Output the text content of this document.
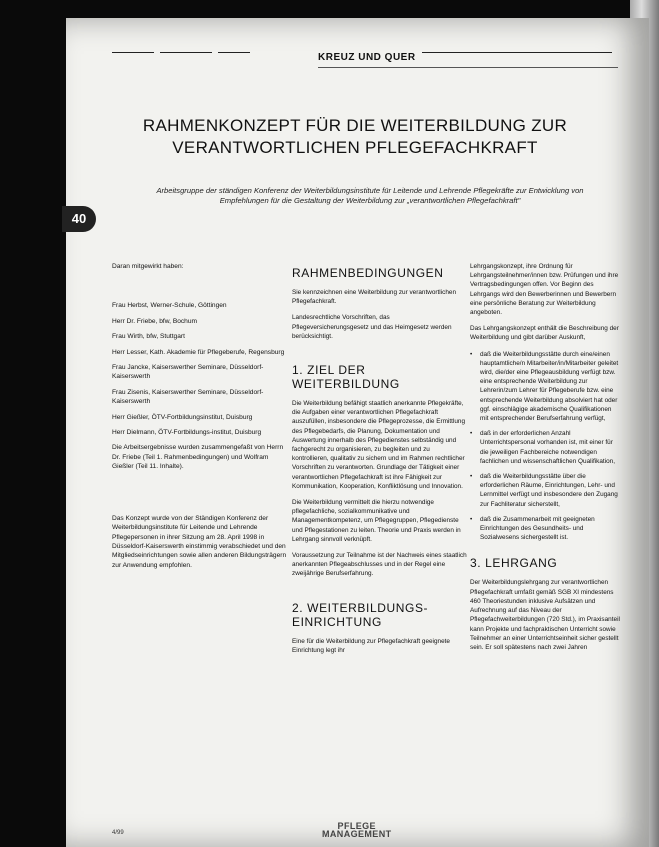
KREUZ UND QUER
RAHMENKONZEPT FÜR DIE WEITERBILDUNG ZUR
VERANTWORTLICHEN PFLEGEFACHKRAFT

Arbeitsgruppe der ständigen Konferenz der Weiterbildungsinstitute für Leitende und Lehrende Pflegekräfte zur Entwicklung von Empfehlungen für die Gestaltung der Weiterbildung zur „verantwortlichen Pflegefachkraft"

40

Daran mitgewirkt haben:

Frau Herbst, Werner-Schule, Göttingen

Herr Dr. Friebe, bfw, Bochum

Frau Wirth, bfw, Stuttgart

Herr Lesser, Kath. Akademie für Pflegeberufe, Regensburg

Frau Jancke, Kaiserswerther Seminare, Düsseldorf-Kaiserswerth

Frau Zisenis, Kaiserswerther Seminare, Düsseldorf-Kaiserswerth

Herr Gießler, ÖTV-Fortbildungsinstitut, Duisburg

Herr Dielmann, ÖTV-Fortbildungs-institut, Duisburg

Die Arbeitsergebnisse wurden zusammengefaßt von Herrn Dr. Friebe (Teil 1. Rahmenbedingungen) und Wolfram Gießler (Teil 11. Inhalte).

Das Konzept wurde von der Ständigen Konferenz der Weiterbildungsinstitute für Leitende und Lehrende Pflegepersonen in ihrer Sitzung am 28. April 1998 in Düsseldorf-Kaiserswerth einstimmig verabschiedet und den Mitgliedseinrichtungen sowie allen anderen Bildungsträgern zur Anwendung empfohlen.

RAHMENBEDINGUNGEN

Sie kennzeichnen eine Weiterbildung zur verantwortlichen Pflegefachkraft.

Landesrechtliche Vorschriften, das Pflegeversicherungsgesetz und das Heimgesetz werden berücksichtigt.

1. ZIEL DER WEITERBILDUNG

Die Weiterbildung befähigt staatlich anerkannte Pflegekräfte, die Aufgaben einer verantwortlichen Pflegefachkraft auszufüllen, insbesondere die Pflegeprozesse, die Ermittlung des Pflegebedarfs, die Planung, Dokumentation und Auswertung innerhalb des Pflegedienstes selbständig und fachgerecht zu organisieren, zu begleiten und zu kontrollieren, qualitativ zu sichern und im Rahmen rechtlicher Vorschriften zu verantworten. Grundlage der Tätigkeit einer verantwortlichen Pflegefachkraft ist ihre Fähigkeit zur Kommunikation, Kooperation, Konfliktlösung und Innovation.

Die Weiterbildung vermittelt die hierzu notwendige pflegefachliche, sozialkommunikative und Managementkompetenz, um Pflegegruppen, Pflegedienste und Pflegestationen zu leiten. Theorie und Praxis werden in Lehrgang sinnvoll verknüpft.

Voraussetzung zur Teilnahme ist der Nachweis eines staatlich anerkannten Pflegeabschlusses und in der Regel eine zweijährige Berufserfahrung.

2. WEITERBILDUNGS-EINRICHTUNG

Eine für die Weiterbildung zur Pflegefachkraft geeignete Einrichtung legt ihr

Lehrgangskonzept, ihre Ordnung für Lehrgangsteilnehmer/innen bzw. Prüfungen und ihre Vertragsbedingungen offen. Vor Beginn des Lehrgangs wird den Bewerberinnen und Bewerbern eine persönliche Beratung zur Weiterbildung angeboten.

Das Lehrgangskonzept enthält die Beschreibung der Weiterbildung und gibt darüber Auskunft,

• daß die Weiterbildungsstätte durch eine/einen hauptamtliche/n Mitarbeiter/in/Mitarbeiter geleitet wird, die/der eine Pflegeausbildung verfügt bzw. eine entsprechende Weiterbildung zur Lehrerin/zum Lehrer für Pflegeberufe bzw. eine entsprechende Weiterbildung absolviert hat oder ggf. einschlägige akademische Qualifikationen mit entsprechender Berufserfahrung verfügt,
• daß in der erforderlichen Anzahl Unterrichtspersonal vorhanden ist, mit einer für die jeweiligen Fachbereiche notwendigen fachlichen und wissenschaftlichen Qualifikation,
• daß die Weiterbildungsstätte über die erforderlichen Räume, Einrichtungen, Lehr- und Lernmittel verfügt und insbesondere den Zugang zur Fachliteratur sicherstellt,
• daß die Zusammenarbeit mit geeigneten Einrichtungen des Gesundheits- und Sozialwesens sichergestellt ist.
3. LEHRGANG

Der Weiterbildungslehrgang zur verantwortlichen Pflegefachkraft umfaßt gemäß SGB XI mindestens 460 Theoriestunden inklusive Aufsätzen und Aufrechnung auf das Niveau der Pflegefachweiterbildungen (720 Std.), im Praxisanteil kann Projekte und fachpraktischen Unterricht sowie Teilnehmer an einer Unterrichtseinheit sicher gestellt sein. Er soll spätestens nach zwei Jahren

4/99
PFLEGE
MANAGEMENT
